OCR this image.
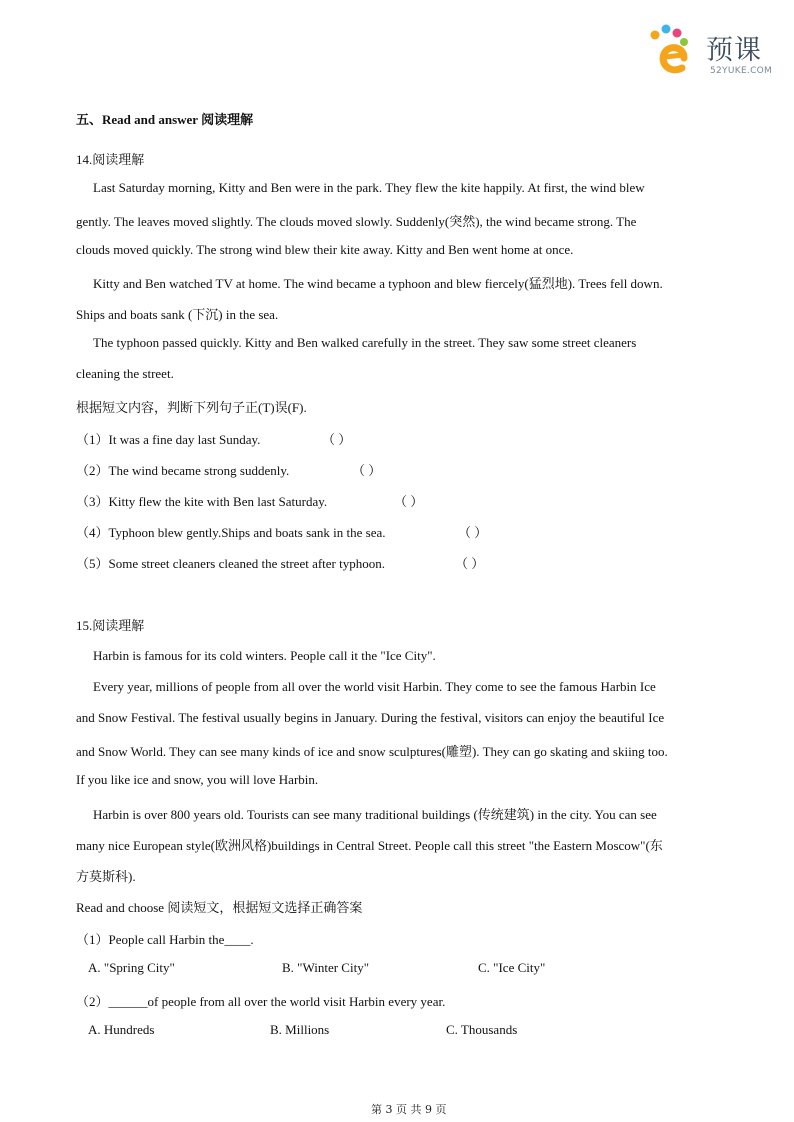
预课
52YUKE.COM
五、Read and answer 阅读理解
14.阅读理解
Last Saturday morning, Kitty and Ben were in the park. They flew the kite happily. At first, the wind blew
gently. The leaves moved slightly. The clouds moved slowly. Suddenly(突然), the wind became strong. The
clouds moved quickly. The strong wind blew their kite away. Kitty and Ben went home at once.
Kitty and Ben watched TV at home. The wind became a typhoon and blew fiercely(猛烈地). Trees fell down.
Ships and boats sank (下沉) in the sea.
The typhoon passed quickly. Kitty and Ben walked carefully in the street. They saw some street cleaners
cleaning the street.
根据短文内容，判断下列句子正(T)误(F).
（1）It was a fine day last Sunday.	（ ）
（2）The wind became strong suddenly.	（ ）
（3）Kitty flew the kite with Ben last Saturday.	（ ）
（4）Typhoon blew gently.Ships and boats sank in the sea.	（ ）
（5）Some street cleaners cleaned the street after typhoon.	（ ）
15.阅读理解
Harbin is famous for its cold winters. People call it the "Ice City".
Every year, millions of people from all over the world visit Harbin. They come to see the famous Harbin Ice
and Snow Festival. The festival usually begins in January. During the festival, visitors can enjoy the beautiful Ice
and Snow World. They can see many kinds of ice and snow sculptures(雕塑). They can go skating and skiing too.
If you like ice and snow, you will love Harbin.
Harbin is over 800 years old. Tourists can see many traditional buildings (传统建筑) in the city. You can see
many nice European style(欧洲风格)buildings in Central Street. People call this street "the Eastern Moscow"(东
方莫斯科).
Read and choose 阅读短文，根据短文选择正确答案
（1）People call Harbin the____.
A. "Spring City"	B. "Winter City"	C. "Ice City"
（2）______of people from all over the world visit Harbin every year.
A. Hundreds	B. Millions	C. Thousands
第 3 页 共 9 页
